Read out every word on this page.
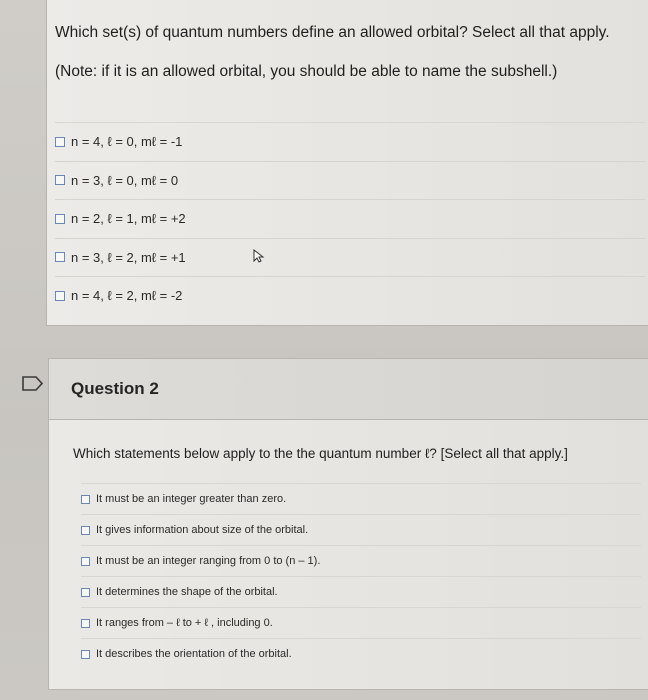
Which set(s) of quantum numbers define an allowed orbital? Select all that apply.
(Note: if it is an allowed orbital, you should be able to name the subshell.)
n = 4, ℓ = 0, mℓ = -1
n = 3, ℓ = 0, mℓ = 0
n = 2, ℓ = 1, mℓ = +2
n = 3, ℓ = 2, mℓ = +1
n = 4, ℓ = 2, mℓ = -2
Question 2
Which statements below apply to the the quantum number ℓ? [Select all that apply.]
It must be an integer greater than zero.
It gives information about size of the orbital.
It must be an integer ranging from 0 to (n – 1).
It determines the shape of the orbital.
It ranges from – ℓ to + ℓ , including 0.
It describes the orientation of the orbital.
